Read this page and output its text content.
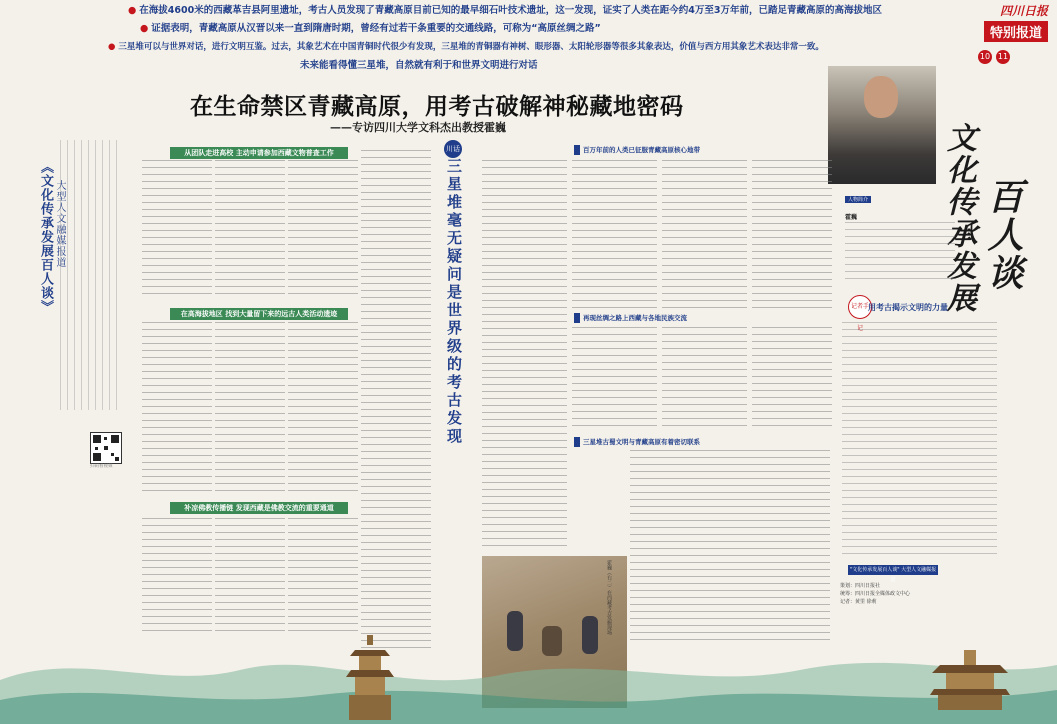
● 在海拔4600米的西藏革吉县阿里遗址，考古人员发现了青藏高原目前已知的最早细石叶技术遗址，这一发现，证实了人类在距今约4万至3万年前，已踏足青藏高原的高海拔地区
● 证据表明，青藏高原从汉晋以来一直到隋唐时期，曾经有过若干条重要的交通线路，可称为“高原丝绸之路”
● 三星堆可以与世界对话，进行文明互鉴。过去，其象艺术在中国青铜时代很少有发现，三星堆的青铜器有神树、眼形器、太阳轮形器等很多其象表达，价值与西方用其象艺术表达非常一致。
未来能看得懂三星堆，自然就有利于和世界文明进行对话
四川日报
特别报道
10 11
《文化传承发展百人谈》 大型人文融媒报道
扫码看视频
在生命禁区青藏高原，用考古破解神秘藏地密码
——专访四川大学文科杰出教授霍巍	文化传承发展 百人谈
人物简介
霍巍
记者手记
用考古揭示文明的力量
从团队走进高校 主动申请参加西藏文物普查工作
在高海拔地区 找到大量留下来的远古人类活动遗迹
补凉佛教传播链 发现西藏是佛教交流的重要通道
百万年前的人类已征服青藏高原核心地带
再现丝绸之路上西藏与各地民族交流
三星堆古蜀文明与青藏高原有着密切联系
川话
三星堆毫无疑问是世界级的考古发现
霍巍（右二）在西藏考古发掘现场	"文化传承发展百人谈" 大型人文融媒报道
策划：四川日报社
统筹：四川日报全媒体政文中心
记者：黄里 徐莉
